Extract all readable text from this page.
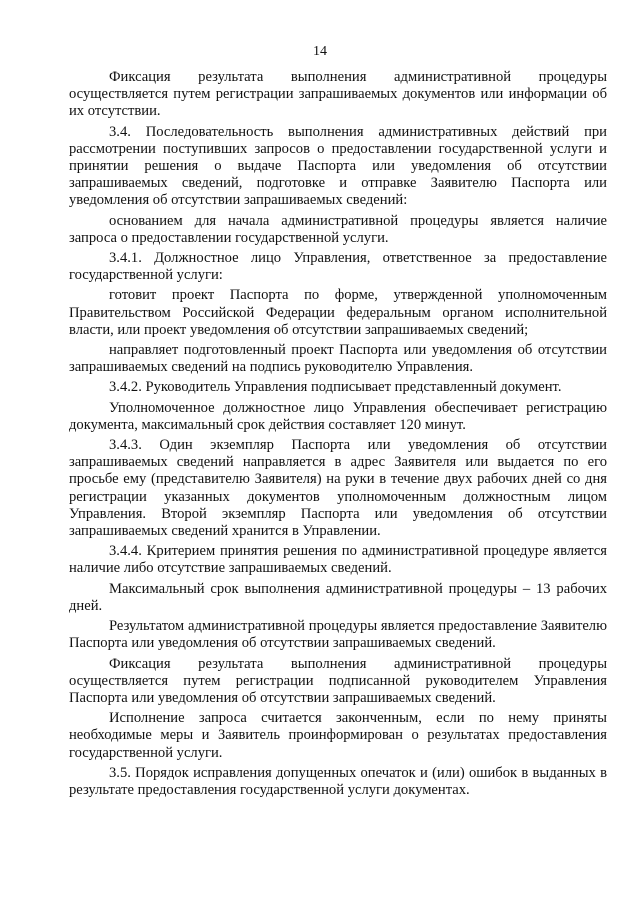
14

Фиксация результата выполнения административной процедуры осуществляется путем регистрации запрашиваемых документов или информации об их отсутствии.

3.4. Последовательность выполнения административных действий при рассмотрении поступивших запросов о предоставлении государственной услуги и принятии решения о выдаче Паспорта или уведомления об отсутствии запрашиваемых сведений, подготовке и отправке Заявителю Паспорта или уведомления об отсутствии запрашиваемых сведений:

основанием для начала административной процедуры является наличие запроса о предоставлении государственной услуги.

3.4.1. Должностное лицо Управления, ответственное за предоставление государственной услуги:

готовит проект Паспорта по форме, утвержденной уполномоченным Правительством Российской Федерации федеральным органом исполнительной власти, или проект уведомления об отсутствии запрашиваемых сведений;

направляет подготовленный проект Паспорта или уведомления об отсутствии запрашиваемых сведений на подпись руководителю Управления.

3.4.2. Руководитель Управления подписывает представленный документ.

Уполномоченное должностное лицо Управления обеспечивает регистрацию документа, максимальный срок действия составляет 120 минут.

3.4.3. Один экземпляр Паспорта или уведомления об отсутствии запрашиваемых сведений направляется в адрес Заявителя или выдается по его просьбе ему (представителю Заявителя) на руки в течение двух рабочих дней со дня регистрации указанных документов уполномоченным должностным лицом Управления. Второй экземпляр Паспорта или уведомления об отсутствии запрашиваемых сведений хранится в Управлении.

3.4.4. Критерием принятия решения по административной процедуре является наличие либо отсутствие запрашиваемых сведений.

Максимальный срок выполнения административной процедуры – 13 рабочих дней.

Результатом административной процедуры является предоставление Заявителю Паспорта или уведомления об отсутствии запрашиваемых сведений.

Фиксация результата выполнения административной процедуры осуществляется путем регистрации подписанной руководителем Управления Паспорта или уведомления об отсутствии запрашиваемых сведений.

Исполнение запроса считается законченным, если по нему приняты необходимые меры и Заявитель проинформирован о результатах предоставления государственной услуги.

3.5. Порядок исправления допущенных опечаток и (или) ошибок в выданных в результате предоставления государственной услуги документах.
